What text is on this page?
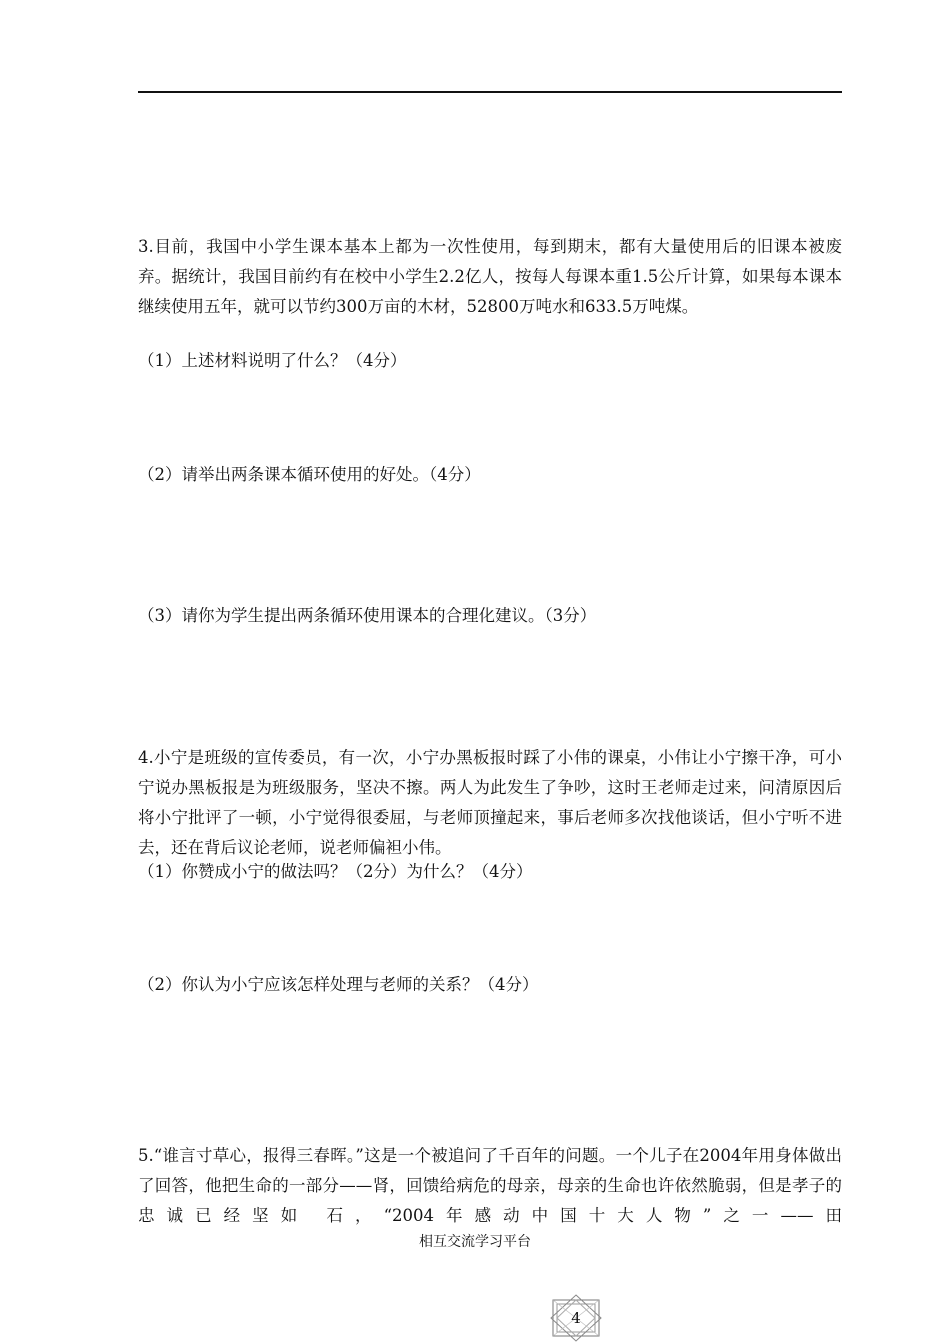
3.目前，我国中小学生课本基本上都为一次性使用，每到期末，都有大量使用后的旧课本被废弃。据统计，我国目前约有在校中小学生2.2亿人，按每人每课本重1.5公斤计算，如果每本课本继续使用五年，就可以节约300万亩的木材，52800万吨水和633.5万吨煤。

（1）上述材料说明了什么？（4分）

（2）请举出两条课本循环使用的好处。（4分）

（3）请你为学生提出两条循环使用课本的合理化建议。（3分）

4.小宁是班级的宣传委员，有一次，小宁办黑板报时踩了小伟的课桌，小伟让小宁擦干净，可小宁说办黑板报是为班级服务，坚决不擦。两人为此发生了争吵，这时王老师走过来，问清原因后将小宁批评了一顿，小宁觉得很委屈，与老师顶撞起来，事后老师多次找他谈话，但小宁听不进去，还在背后议论老师，说老师偏袒小伟。

（1）你赞成小宁的做法吗？（2分）为什么？（4分）

（2）你认为小宁应该怎样处理与老师的关系？（4分）

5.“谁言寸草心，报得三春晖。”这是一个被追问了千百年的问题。一个儿子在2004年用身体做出了回答，他把生命的一部分——肾，回馈给病危的母亲，母亲的生命也许依然脆弱，但是孝子的忠诚已经坚如 石，“2004年感动中国十大人物”之一——田

相互交流学习平台
4
